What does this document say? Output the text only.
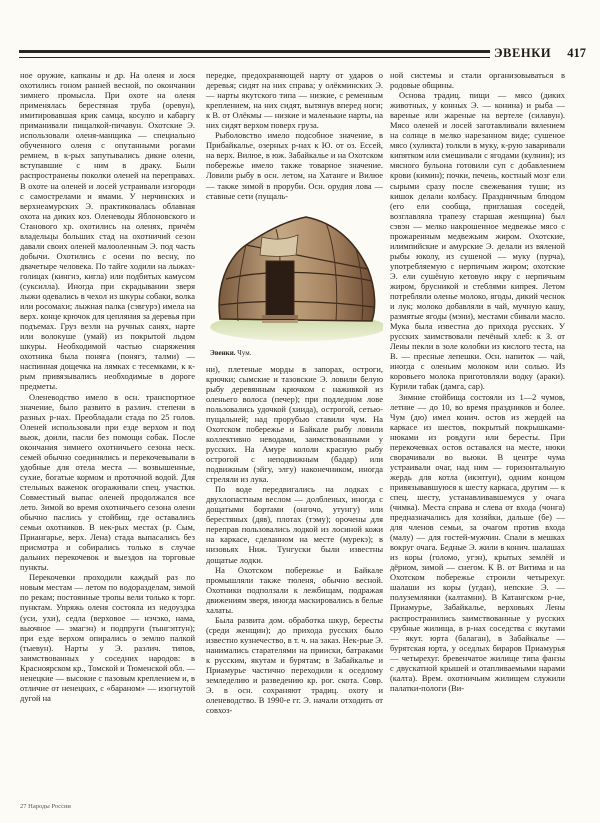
ЭВЕНКИ 417

ное оружие, капканы и др. На оленя и лося охотились гоном ранней весной, по окончании зимнего промысла. При охоте на оленя применялась берестяная труба (оревун), имитировавшая крик самца, косулю и кабаргу приманивали пищалкой-пичавун. Охотские Э. использовали оленя-манщика — специально обученного оленя с опутанными рогами ремнем, в к-рых запутывались дикие олени, вступавшие с ним в драку. Были распространены поколки оленей на переправах. В охоте на оленей и лосей устраивали изгороди с самострелами и ямами. У нерчинских и верхнеамурских Э. практиковалась облавная охота на диких коз. Оленеводы Яблоновского и Станового хр. охотились на оленях, причём владельцы больших стад на охотничий сезон давали своих оленей малооленным Э. под часть добычи. Охотились с осени по весну, по двачетыре человека. По тайге ходили на лыжах-голицах (кингнэ, кигла) или подбитых камусом (суксилла). Иногда при скрадывании зверя лыжи одевались в чехол из шкуры собаки, волка или росомахи; лыжная палка (сэвгурэ) имела на верх. конце крючок для цепляния за деревья при подъемах. Груз везли на ручных санях, нарте или волокуше (умай) из покрытой льдом шкуры. Необходимой частью снаряжения охотника была поняга (понягэ, талми) — наспинная дощечка на лямках с тесемками, к к-рым привязывались необходимые в дороге предметы.

Оленеводство имело в осн. транспортное значение, было развито в различ. степени в разных р-нах. Преобладали стада по 25 голов. Оленей использовали при езде верхом и под вьюк, доили, пасли без помощи собак. После окончания зимнего охотничьего сезона неск. семей обычно соединялись и перекочевывали в удобные для отела места — возвышенные, сухие, богатые кормом и проточной водой. Для стельных важенок огораживали спец. участки. Совместный выпас оленей продолжался все лето. Зимой во время охотничьего сезона олени обычно паслись у стойбищ, где оставались семьи охотников. В нек-рых местах (р. Сым, Приангарье, верх. Лена) стада выпасались без присмотра и собирались только в случае дальних перекочевок и выездов на торговые пункты.

Перекочевки проходили каждый раз по новым местам — летом по водоразделам, зимой по рекам; постоянные тропы вели только к торг. пунктам. Упряжь оленя состояла из недоуздка (уси, ухи), седла (верховое — нэчэко, нама, вьючное — эмагэн) и подпруги (тынгэптун); при езде верхом опирались о землю палкой (тыевун). Нарты у Э. различ. типов, заимствованных у соседних народов: в Красноярском кр., Томской и Тюменской обл. — ненецкие — высокие с пазовым креплением и, в отличие от ненецких, с «бараном» — изогнутой дугой на

передке, предохраняющей нарту от ударов о деревья; сидят на них справа; у олёкминских Э. — нарты якутского типа — низкие, с ременным креплением, на них сидят, вытянув вперед ноги; к В. от Олёкмы — низкие и маленькие нарты, на них сидят верхом поверх груза.

Рыболовство имело подсобное значение, в Прибайкалье, озерных р-нах к Ю. от оз. Ессей, на верх. Вилюе, в юж. Забайкалье и на Охотском побережье имело также товарное значение. Ловили рыбу в осн. летом, на Хатанге и Вилюе — также зимой в проруби. Осн. орудия лова — ставные сети (пущаль-

Эвенки. Чум.

ни), плетеные морды в запорах, остроги, крючки; сымские и тазовские Э. ловили белую рыбу деревянным крючком с наживкой из оленьего волоса (печер); при подледном лове пользовались удочкой (хиида), острогой, сетью-пущальней; над прорубью ставили чум. На Охотском побережье и Байкале рыбу ловили коллективно неводами, заимствованными у русских. На Амуре кололи красную рыбу острогой с неподвижным (бадар) или подвижным (эйгу, элгу) наконечником, иногда стреляли из лука.

По воде передвигались на лодках с двухлопастным веслом — долбленых, иногда с дощатыми бортами (онгочо, утунгу) или берестяных (дяв), плотах (тэму); орочены для переправ пользовались лодкой из лосиной кожи на каркасе, сделанном на месте (мурекэ); в низовьях Ниж. Тунгуски были известны дощатые лодки.

На Охотском побережье и Байкале промышляли также тюленя, обычно весной. Охотники подползали к лежбищам, подражая движениям зверя, иногда маскировались в белые халаты.

Была развита дом. обработка шкур, бересты (среди женщин); до прихода русских было известно кузнечество, в т. ч. на заказ. Нек-рые Э. нанимались старателями на прииски, батраками к русским, якутам и бурятам; в Забайкалье и Приамурье частично переходили к оседлому земледелию и разведению кр. рог. скота. Совр. Э. в осн. сохраняют традиц. охоту и оленеводство. В 1990-е гг. Э. начали отходить от совхоз-

ной системы и стали организовываться в родовые общины.

Основа традиц. пищи — мясо (диких животных, у конных Э. — конина) и рыба — вареные или жареные на вертеле (силавун). Мясо оленей и лосей заготавливали вялением на солнце в мелко нарезанном виде; сушеное мясо (хуликта) толкли в муку, к-рую заваривали кипятком или смешивали с ягодами (кулнин); из мясного бульона готовили суп с добавлением крови (кимин); почки, печень, костный мозг ели сырыми сразу после свежевания туши; из кишок делали колбасу. Праздничным блюдом (его ели сообща, приглашая соседей, возглавляла трапезу старшая женщина) был сэвэн — мелко накрошенное медвежье мясо с прожаренным медвежьим жиром. Охотские, илимпийские и амурские Э. делали из вяленой рыбы юколу, из сушеной — муку (пурча), употребляемую с нерпичьим жиром; охотские Э. ели сушёную кетовую икру с нерпичьим жиром, брусникой и стеблями кипрея. Летом потребляли оленье молоко, ягоды, дикий чеснок и лук; молоко добавляли в чай, мучную кашу, размятые ягоды (мэни), местами сбивали масло. Мука была известна до прихода русских. У русских заимствовали печёный хлеб: к З. от Лены пекли в золе колобки из кислого теста, на В. — пресные лепешки. Осн. напиток — чай, иногда с оленьим молоком или солью. Из коровьего молока приготовляли водку (араки). Курили табак (дамга, сар).

Зимние стойбища состояли из 1—2 чумов, летние — до 10, во время праздников и более. Чум (дю) имел конич. остов из жердей на каркасе из шестов, покрытый покрышками-нюками из ровдуги или бересты. При перекочевках остов оставался на месте, нюки сворачивали во вьюки. В центре чума устраивали очаг, над ним — горизонтальную жердь для котла (икэптун), одним концом привязывавшуюся к шесту каркаса, другим — к спец. шесту, устанавливавшемуся у очага (чимка). Места справа и слева от входа (чонга) предназначались для хозяйки, дальше (бе) — для членов семьи, за очагом против входа (малу) — для гостей-мужчин. Спали в мешках вокруг очага. Бедные Э. жили в конич. шалашах из коры (голомо, угэн), крытых землёй и дёрном, зимой — снегом. К В. от Витима и на Охотском побережье строили четырехуг. шалаши из коры (угдан), непские Э. — полуземлянки (калтамни). В Катангском р-не, Приамурье, Забайкалье, верховьях Лены распространились заимствованные у русских срубные жилища, в р-нах соседства с якутами — якут. юрта (балаган), в Забайкалье — бурятская юрта, у оседлых бираров Приамурья — четырехуг. бревенчатое жилище типа фанзы с двускатной крышей и отапливаемыми нарами (калта). Врем. охотничьим жилищем служили палатки-пологи (Ви-

27 Народы России
